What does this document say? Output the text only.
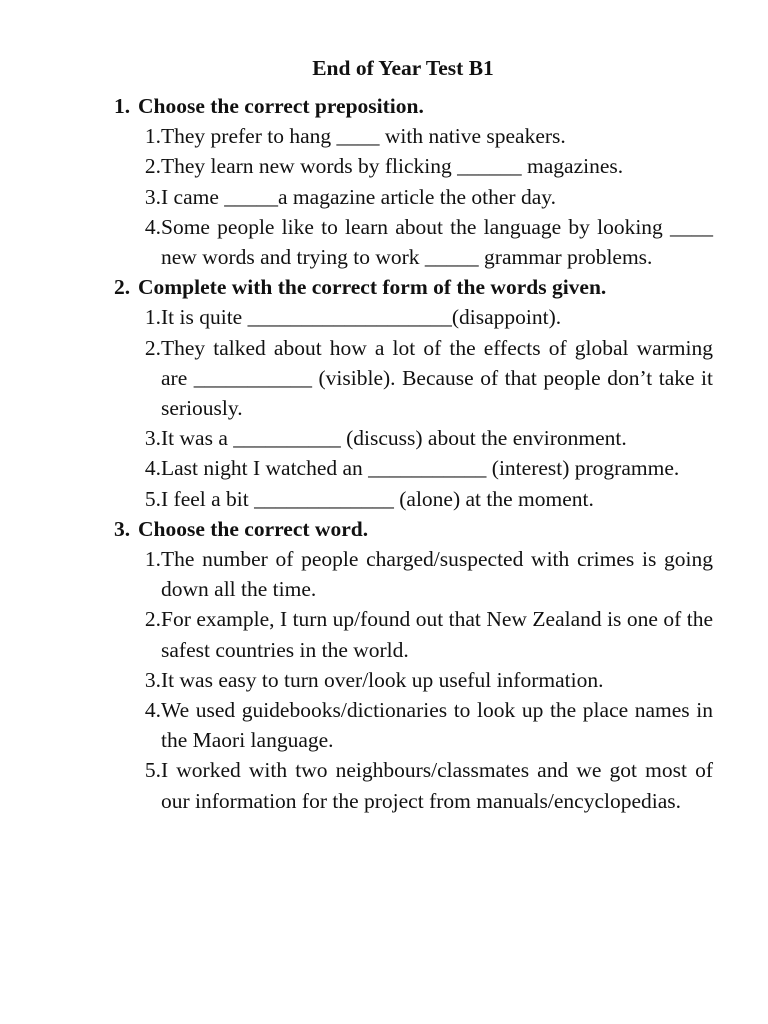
End of Year Test B1
1. Choose the correct preposition.
1. They prefer to hang ____ with native speakers.
2. They learn new words by flicking ______ magazines.
3. I came _____a magazine article the other day.
4. Some people like to learn about the language by looking ____ new words and trying to work _____ grammar problems.
2. Complete with the correct form of the words given.
1. It is quite ___________________(disappoint).
2. They talked about how a lot of the effects of global warming are ___________ (visible). Because of that people don’t take it seriously.
3. It was a __________ (discuss) about the environment.
4. Last night I watched an ___________ (interest) programme.
5. I feel a bit _____________ (alone) at the moment.
3. Choose the correct word.
1. The number of people charged/suspected with crimes is going down all the time.
2. For example, I turn up/found out that New Zealand is one of the safest countries in the world.
3. It was easy to turn over/look up useful information.
4. We used guidebooks/dictionaries to look up the place names in the Maori language.
5. I worked with two neighbours/classmates and we got most of our information for the project from manuals/encyclopedias.
